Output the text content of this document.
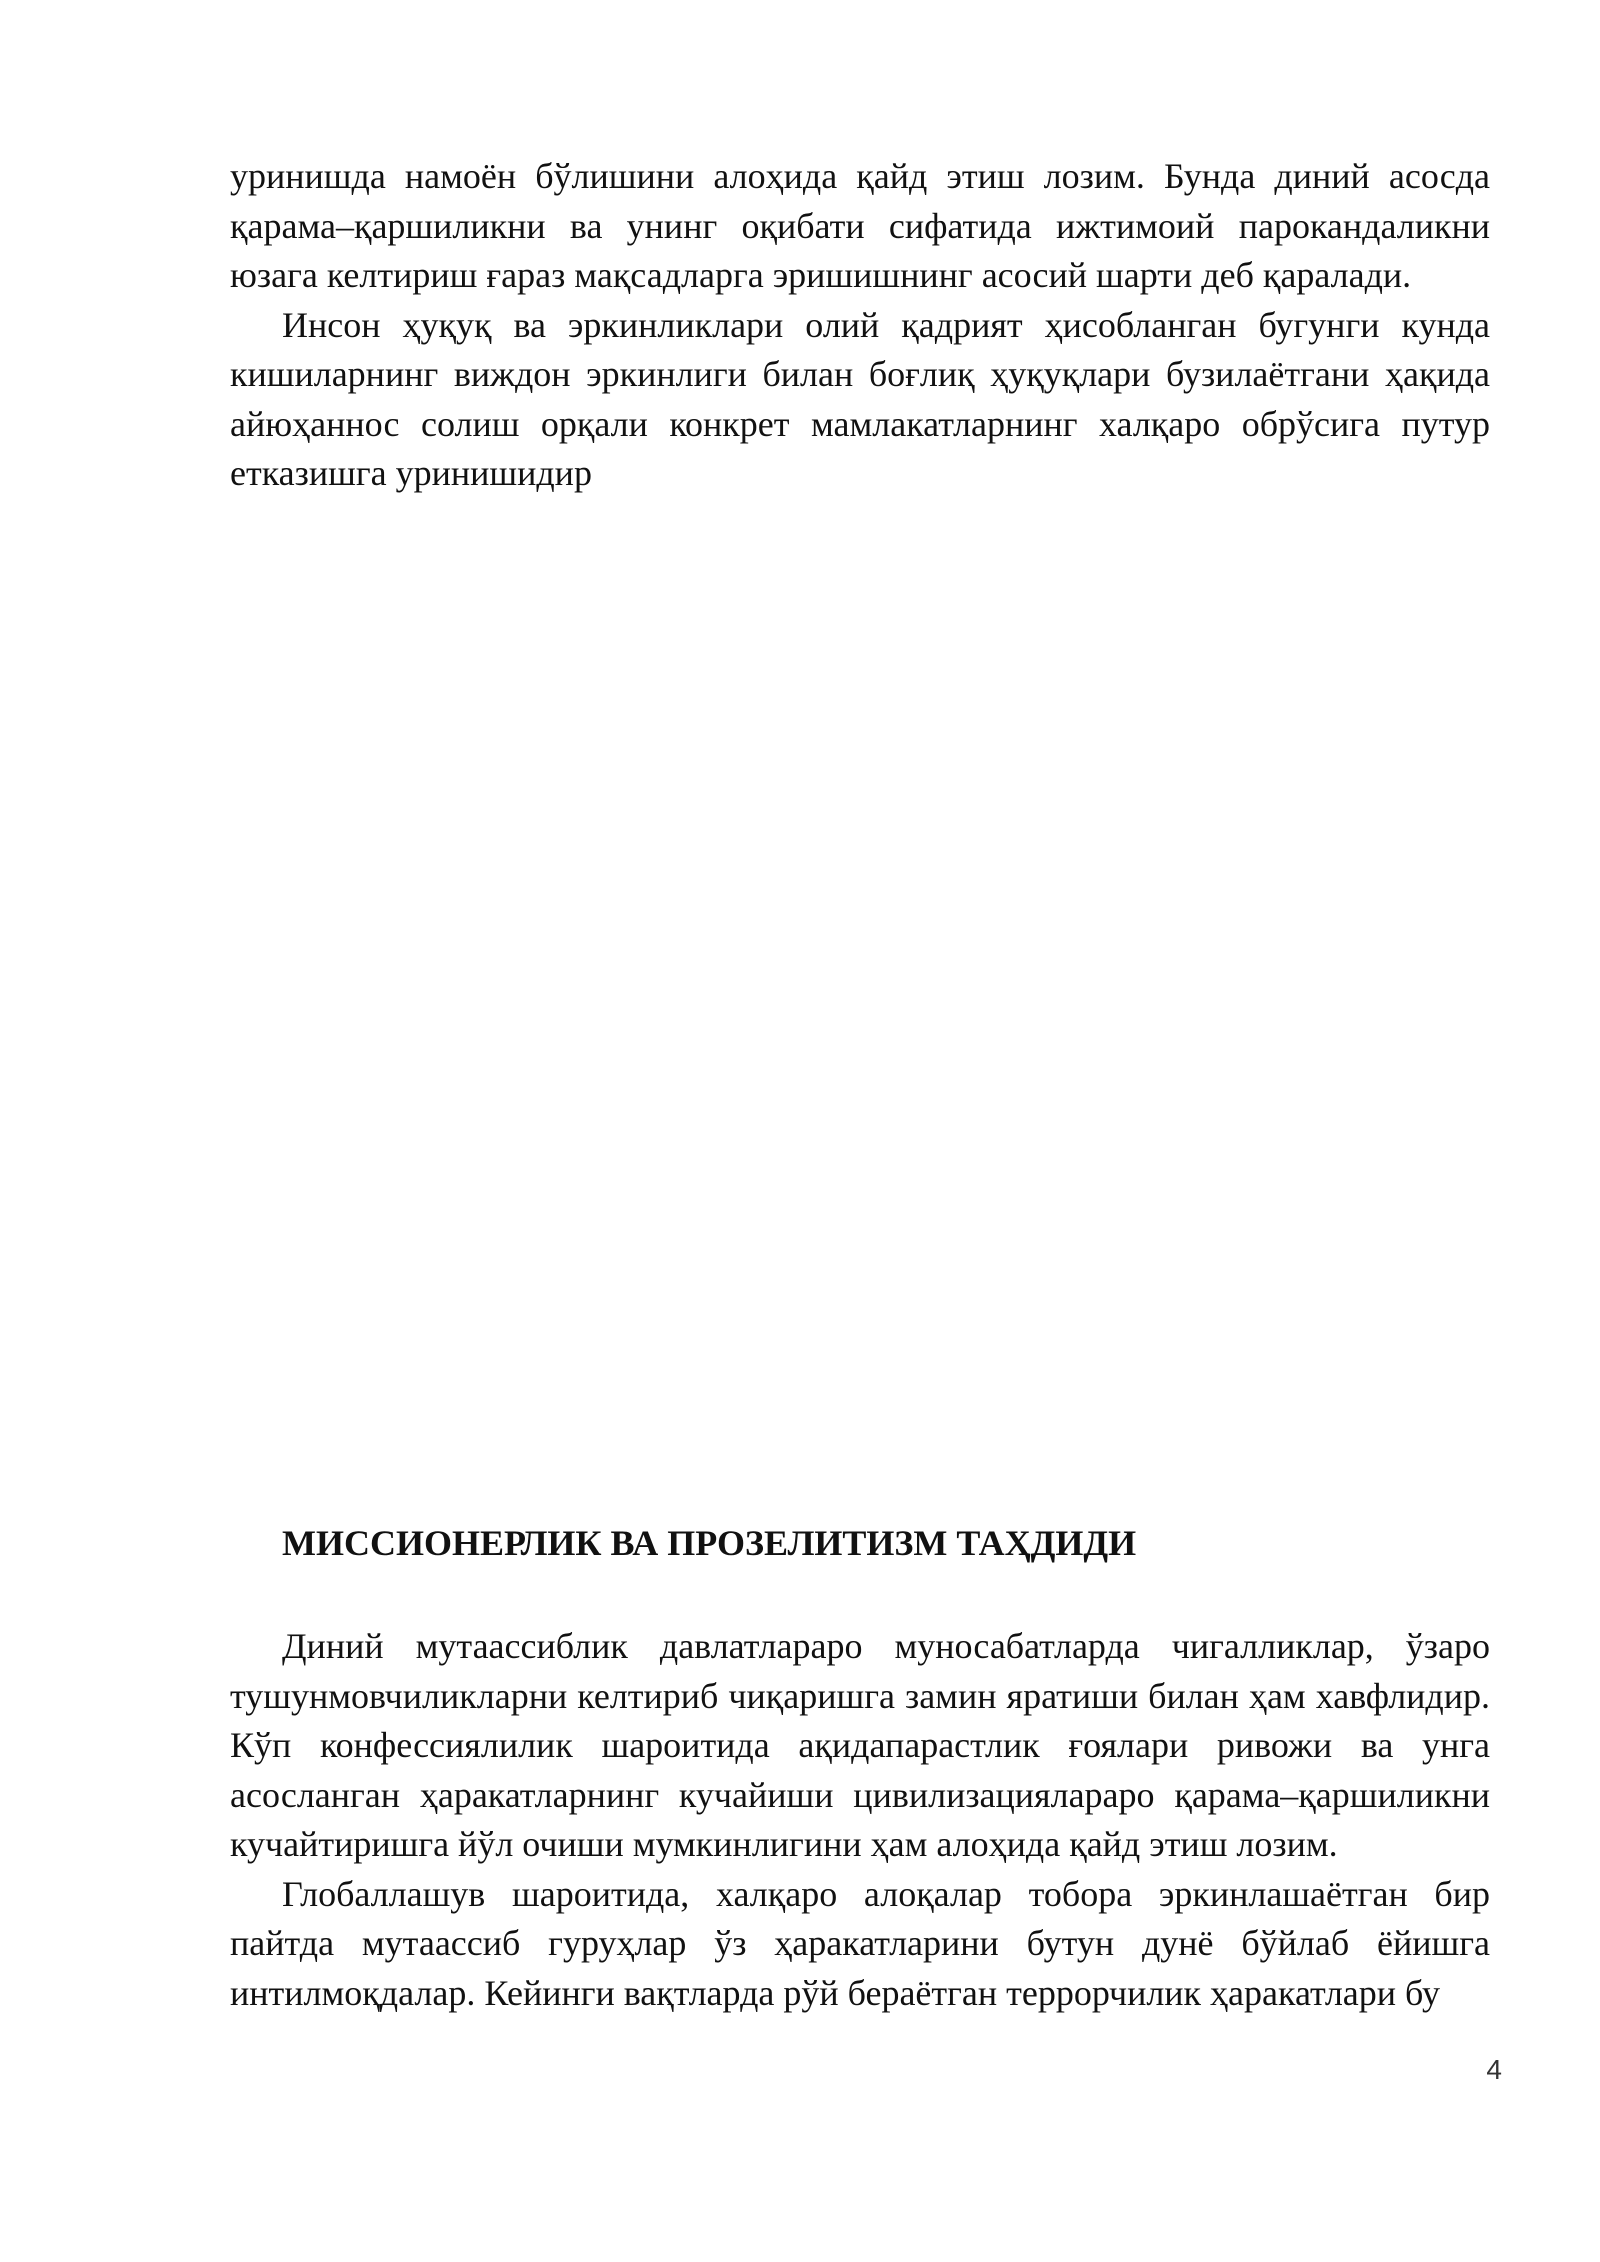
уринишда намоён бўлишини алоҳида қайд этиш лозим. Бунда диний асосда қарама–қаршиликни ва унинг оқибати сифатида ижтимоий парокандаликни юзага келтириш ғараз мақсадларга эришишнинг асосий шарти деб қаралади.

Инсон ҳуқуқ ва эркинликлари олий қадрият ҳисобланган бугунги кунда кишиларнинг виждон эркинлиги билан боғлиқ ҳуқуқлари бузилаётгани ҳақида айюҳаннос солиш орқали конкрет мамлакатларнинг халқаро обрўсига путур етказишга уринишидир

МИССИОНЕРЛИК ВА ПРОЗЕЛИТИЗМ ТАҲДИДИ

Диний мутаассиблик давлатлараро муносабатларда чигалликлар, ўзаро тушунмовчиликларни келтириб чиқаришга замин яратиши билан ҳам хавфлидир. Кўп конфессиялилик шароитида ақидапарастлик ғоялари ривожи ва унга асосланган ҳаракатларнинг кучайиши цивилизациялараро қарама–қаршиликни кучайтиришга йўл очиши мумкинлигини ҳам алоҳида қайд этиш лозим.

Глобаллашув шароитида, халқаро алоқалар тобора эркинлашаётган бир пайтда мутаассиб гуруҳлар ўз ҳаракатларини бутун дунё бўйлаб ёйишга интилмоқдалар. Кейинги вақтларда рўй бераётган террорчилик ҳаракатлари бу

4
